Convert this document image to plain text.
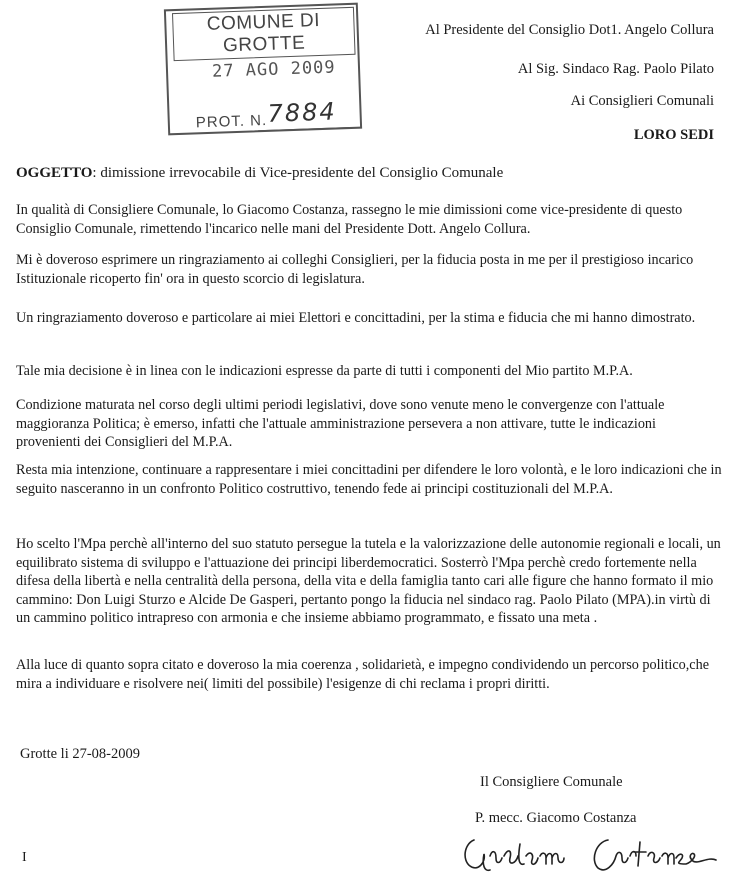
COMUNE DI GROTTE
27 AGO 2009
PROT. N. 7884
Al Presidente del Consiglio Dot1. Angelo Collura
Al Sig. Sindaco Rag. Paolo Pilato
Ai Consiglieri Comunali
LORO SEDI
OGGETTO: dimissione irrevocabile di Vice-presidente del Consiglio Comunale

In qualità di Consigliere Comunale, lo Giacomo Costanza, rassegno le mie dimissioni come vice-presidente di questo Consiglio Comunale, rimettendo l'incarico nelle mani del Presidente Dott. Angelo Collura.

Mi è doveroso esprimere un ringraziamento ai colleghi Consiglieri, per la fiducia posta in me per il prestigioso incarico Istituzionale ricoperto fin' ora in questo scorcio di legislatura.

Un ringraziamento doveroso e particolare ai miei Elettori e concittadini, per la stima e fiducia che mi hanno dimostrato.

Tale mia decisione è in linea con le indicazioni espresse da parte di tutti i componenti del Mio partito M.P.A.

Condizione maturata nel corso degli ultimi periodi legislativi, dove sono venute meno le convergenze con l'attuale maggioranza Politica; è emerso, infatti che l'attuale amministrazione persevera a non attivare, tutte le indicazioni provenienti dei Consiglieri del M.P.A.

Resta mia intenzione, continuare a rappresentare i miei concittadini per difendere le loro volontà, e le loro indicazioni che in seguito nasceranno in un confronto Politico costruttivo, tenendo fede ai principi costituzionali del M.P.A.

Ho scelto l'Mpa perchè all'interno del suo statuto persegue la tutela e la valorizzazione delle autonomie regionali e locali, un equilibrato sistema di sviluppo e l'attuazione dei principi liberdemocratici. Sosterrò l'Mpa perchè credo fortemente nella difesa della libertà e nella centralità della persona, della vita e della famiglia tanto cari alle figure che hanno formato il mio cammino: Don Luigi Sturzo e Alcide De Gasperi, pertanto pongo la fiducia nel sindaco rag. Paolo Pilato (MPA).in virtù di un cammino politico intrapreso con armonia e che insieme abbiamo programmato, e fissato una meta .

Alla luce di quanto sopra citato e doveroso la mia coerenza , solidarietà, e impegno condividendo un percorso politico,che mira a individuare e risolvere nei( limiti del possibile) l'esigenze di chi reclama i propri diritti.

Grotte li 27-08-2009
Il Consigliere Comunale
P. mecc. Giacomo Costanza
I
